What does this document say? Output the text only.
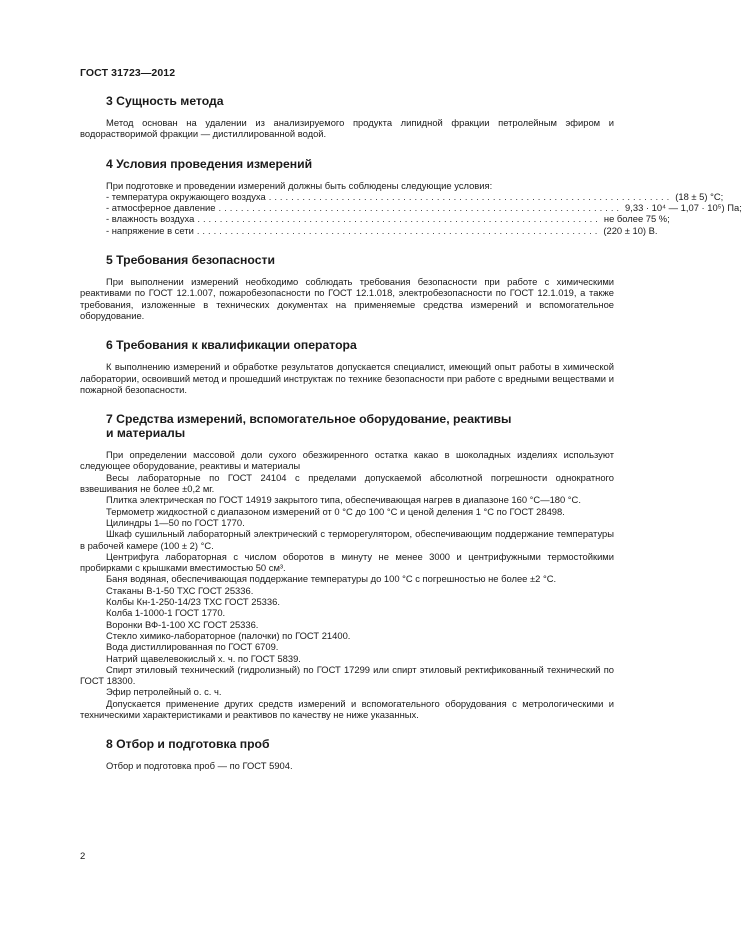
ГОСТ 31723—2012
3 Сущность метода

Метод основан на удалении из анализируемого продукта липидной фракции петролейным эфиром и водорастворимой фракции — дистиллированной водой.

4 Условия проведения измерений

При подготовке и проведении измерений должны быть соблюдены следующие условия:

- температура окружающего воздуха ........................................................................ (18 ± 5) °С;
- атмосферное давление ........................................................................ 9,33 · 10⁴ — 1,07 · 10⁵) Па;
- влажность воздуха ........................................................................ не более 75 %;
- напряжение в сети ........................................................................ (220 ± 10) В.
5 Требования безопасности

При выполнении измерений необходимо соблюдать требования безопасности при работе с химическими реактивами по ГОСТ 12.1.007, пожаробезопасности по ГОСТ 12.1.018, электробезопасности по ГОСТ 12.1.019, а также требования, изложенные в технических документах на применяемые средства измерений и вспомогательное оборудование.

6 Требования к квалификации оператора

К выполнению измерений и обработке результатов допускается специалист, имеющий опыт работы в химической лаборатории, освоивший метод и прошедший инструктаж по технике безопасности при работе с вредными веществами и пожарной безопасности.

7 Средства измерений, вспомогательное оборудование, реактивы
и материалы

При определении массовой доли сухого обезжиренного остатка какао в шоколадных изделиях используют следующее оборудование, реактивы и материалы

Весы лабораторные по ГОСТ 24104 с пределами допускаемой абсолютной погрешности однократного взвешивания не более ±0,2 мг.

Плитка электрическая по ГОСТ 14919 закрытого типа, обеспечивающая нагрев в диапазоне 160 °С—180 °С.

Термометр жидкостной с диапазоном измерений от 0 °С до 100 °С и ценой деления 1 °С по ГОСТ 28498.

Цилиндры 1—50 по ГОСТ 1770.

Шкаф сушильный лабораторный электрический с терморегулятором, обеспечивающим поддержание температуры в рабочей камере (100 ± 2) °С.

Центрифуга лабораторная с числом оборотов в минуту не менее 3000 и центрифужными термостойкими пробирками с крышками вместимостью 50 см³.

Баня водяная, обеспечивающая поддержание температуры до 100 °С с погрешностью не более ±2 °С.

Стаканы В-1-50 ТХС ГОСТ 25336.

Колбы Кн-1-250-14/23 ТХС ГОСТ 25336.

Колба 1-1000-1 ГОСТ 1770.

Воронки ВФ-1-100 ХС ГОСТ 25336.

Стекло химико-лабораторное (палочки) по ГОСТ 21400.

Вода дистиллированная по ГОСТ 6709.

Натрий щавелевокислый х. ч. по ГОСТ 5839.

Спирт этиловый технический (гидролизный) по ГОСТ 17299 или спирт этиловый ректификованный технический по ГОСТ 18300.

Эфир петролейный о. с. ч.

Допускается применение других средств измерений и вспомогательного оборудования с метрологическими и техническими характеристиками и реактивов по качеству не ниже указанных.

8 Отбор и подготовка проб

Отбор и подготовка проб — по ГОСТ 5904.

2
